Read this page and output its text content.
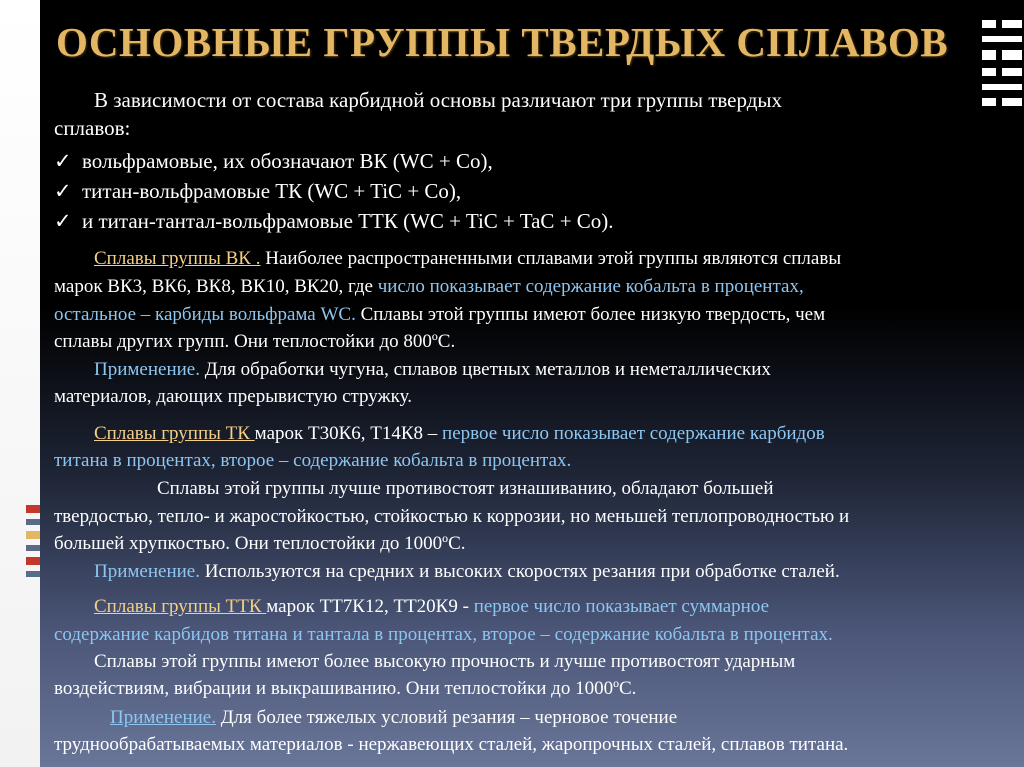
ОСНОВНЫЕ ГРУППЫ ТВЕРДЫХ СПЛАВОВ
В зависимости от состава карбидной основы различают три группы твердых
сплавов:
✓ вольфрамовые, их обозначают ВК (WC + Co),
✓ титан-вольфрамовые ТК (WC + TiC + Co),
✓ и титан-тантал-вольфрамовые ТТК (WC + TiC + TaC + Co).
Сплавы группы ВК . Наиболее распространенными сплавами этой группы являются сплавы
марок ВК3, ВК6, ВК8, ВК10, ВК20, где число показывает содержание кобальта в процентах,
остальное – карбиды вольфрама WC. Сплавы этой группы имеют более низкую твердость, чем
сплавы других групп. Они теплостойки до 800ºС.
Применение. Для обработки чугуна, сплавов цветных металлов и неметаллических
материалов, дающих прерывистую стружку.
Сплавы группы ТК марок Т30К6, Т14К8 – первое число показывает содержание карбидов
титана в процентах, второе – содержание кобальта в процентах.
Сплавы этой группы лучше противостоят изнашиванию, обладают большей
твердостью, тепло- и жаростойкостью, стойкостью к коррозии, но меньшей теплопроводностью и
большей хрупкостью. Они теплостойки до 1000ºС.
Применение. Используются на средних и высоких скоростях резания при обработке сталей.
Сплавы группы ТТК марок ТТ7К12, ТТ20К9 - первое число показывает суммарное
содержание карбидов титана и тантала в процентах, второе – содержание кобальта в процентах.
Сплавы этой группы имеют более высокую прочность и лучше противостоят ударным
воздействиям, вибрации и выкрашиванию. Они теплостойки до 1000ºС.
Применение. Для более тяжелых условий резания – черновое точение
труднообрабатываемых материалов - нержавеющих сталей, жаропрочных сталей, сплавов титана.
